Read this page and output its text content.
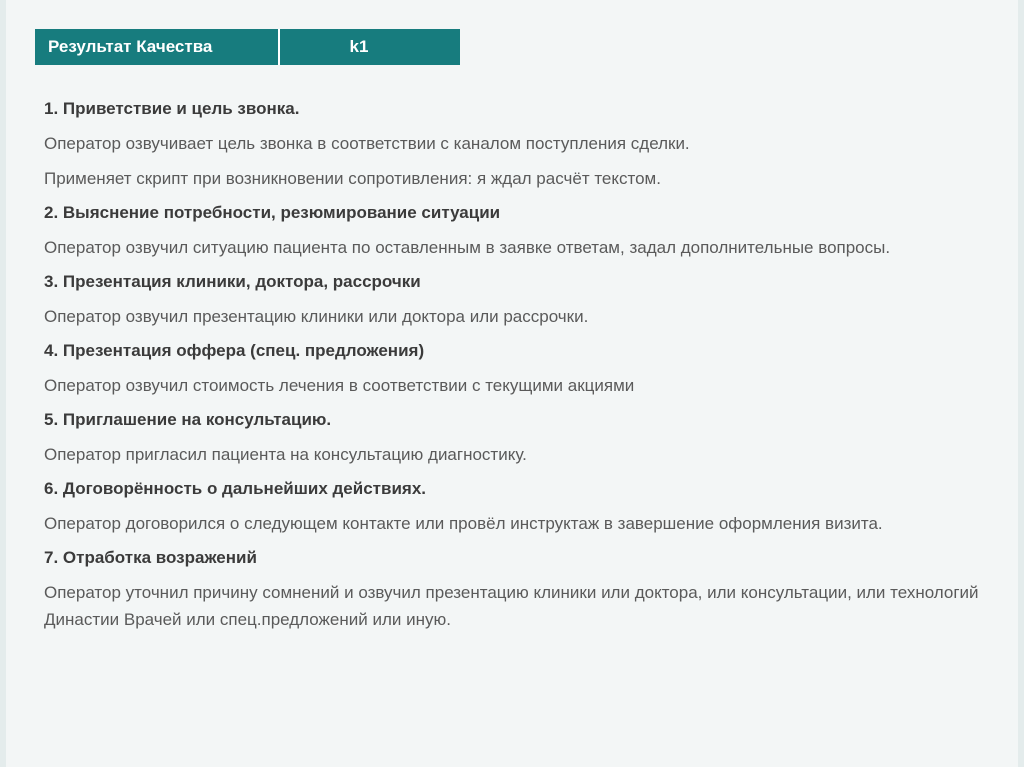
Результат Качества	k1

1. Приветствие и цель звонка.

Оператор озвучивает цель звонка в соответствии с каналом поступления сделки.

Применяет скрипт при возникновении сопротивления: я ждал расчёт текстом.

2. Выяснение потребности, резюмирование ситуации

Оператор озвучил ситуацию пациента по оставленным в заявке ответам, задал дополнительные вопросы.

3. Презентация клиники, доктора, рассрочки

Оператор озвучил презентацию клиники или доктора или рассрочки.

4. Презентация оффера (спец. предложения)

Оператор озвучил стоимость лечения в соответствии с текущими акциями

5. Приглашение на консультацию.

Оператор пригласил пациента на консультацию диагностику.

6. Договорённость о дальнейших действиях.

Оператор договорился о следующем контакте или провёл инструктаж в завершение оформления визита.

7. Отработка возражений

Оператор уточнил причину сомнений и озвучил презентацию клиники или доктора, или консультации, или технологий Династии Врачей или спец.предложений или иную.
